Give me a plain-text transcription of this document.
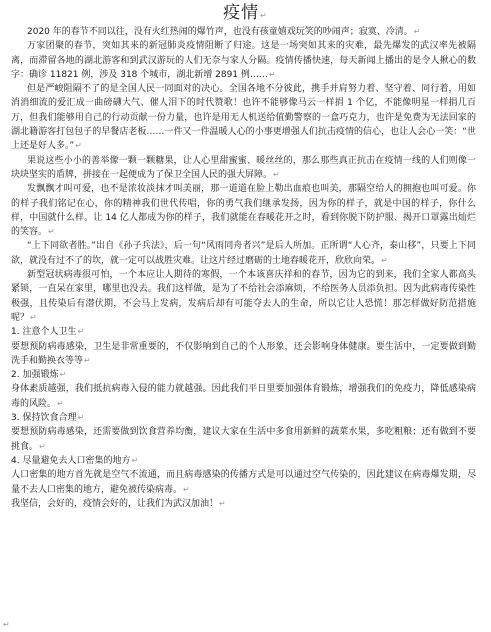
疫情↵

2020 年的春节不同以往，没有火红热闹的爆竹声，也没有孩童嬉戏玩笑的吵闹声；寂寞、冷清。↵

万家团聚的春节，突如其来的新冠肺炎疫情阻断了归途。这是一场突如其来的灾难，最先爆发的武汉率先被隔离，而滞留各地的湖北游客和到武汉游玩的人们无奈与家人分隔。疫情传播快速，每天新闻上播出的是令人揪心的数字：确诊 11821 例，涉及 318 个城市，湖北新增 2891 例……↵

但是严峻阻隔不了的是全国人民一同面对的决心。全国各地不分彼此，携手并肩努力着、坚守着、同行着，用如消消细流的爱汇成一曲磅礴大气、催人泪下的时代赞歌！也许不能够像马云一样捐 1 个亿，不能像明星一样捐几百万，但我们能够用自己的行动贡献一份力量，也许是用无人机送给值勤警察的一盒巧克力，也许是免费为无法回家的湖北籍游客打包包子的早餐店老板……一件又一件温暖人心的小事更增强人们抗击疫情的信心，也让人会心一笑：“世上还是好人多。”↵

果说这些小小的善举像一颗一颗糖果，让人心里甜蜜蜜、暖丝丝的，那么那些真正抗击在疫情一线的人们则像一块块坚实的盾牌，拼接在一起便成为了保卫全国人民的强大屏障。↵

发飘飘才叫可爱，也不是浓妆淡抹才叫美丽，那一道道在脸上勒出血痕也叫美，那隔空给人的拥抱也叫可爱。你的样子我们铭记在心，你的精神我们世代传唱，你的勇气我们继承发扬，因为你的样子，就是中国的样子，你什么样，中国就什么样。让 14 亿人都成为你的样子，我们就能在春暖花开之时，看到你脱下防护服、揭开口罩露出灿烂的笑容。↵

“上下同欲者胜。”出自《孙子兵法》，后一句“风雨同舟者兴”是后人所加。正所谓“人心齐，泰山移”，只要上下同欲，就没有过不了的坎，就一定可以战胜灾难。让这片经过磨砺的土地春暖花开，欣欣向荣。↵

新型冠状病毒很可怕，一个本应让人期待的寒假，一个本该喜庆祥和的春节，因为它的到来，我们全家人都高头紧锁，一直呆在家里，哪里也没去。我们这样做，是为了不给社会添麻烦，不给医务人员添负担。因为此病毒传染性极强，且传染后有潜伏期，不会马上发病，发病后却有可能夺去人的生命，所以它让人恐慌！那怎样做好防范措施呢？↵

1. 注意个人卫生↵

要想预防病毒感染，卫生是非常重要的，不仅影响到自己的个人形象，还会影响身体健康。要生活中，一定要做到勤洗手和勤换衣等等↵

2. 加强锻炼↵

身体素质越强，我们抵抗病毒入侵的能力就越强。因此我们平日里要加强体育锻炼，增强我们的免疫力，降低感染病毒的风险。↵

3. 保持饮食合理↵

要想预防病毒感染，还需要做到饮食营养均衡，建议大家在生活中多食用新鲜的蔬菜水果，多吃粗粮；还有做到不要挑食。↵

4. 尽量避免去人口密集的地方↵

人口密集的地方首先就是空气不流通，而且病毒感染的传播方式是可以通过空气传染的，因此建议在病毒爆发期，尽量不去人口密集的地方，避免被传染病毒。↵

我坚信，会好的，疫情会好的，让我们为武汉加油！↵

↵
